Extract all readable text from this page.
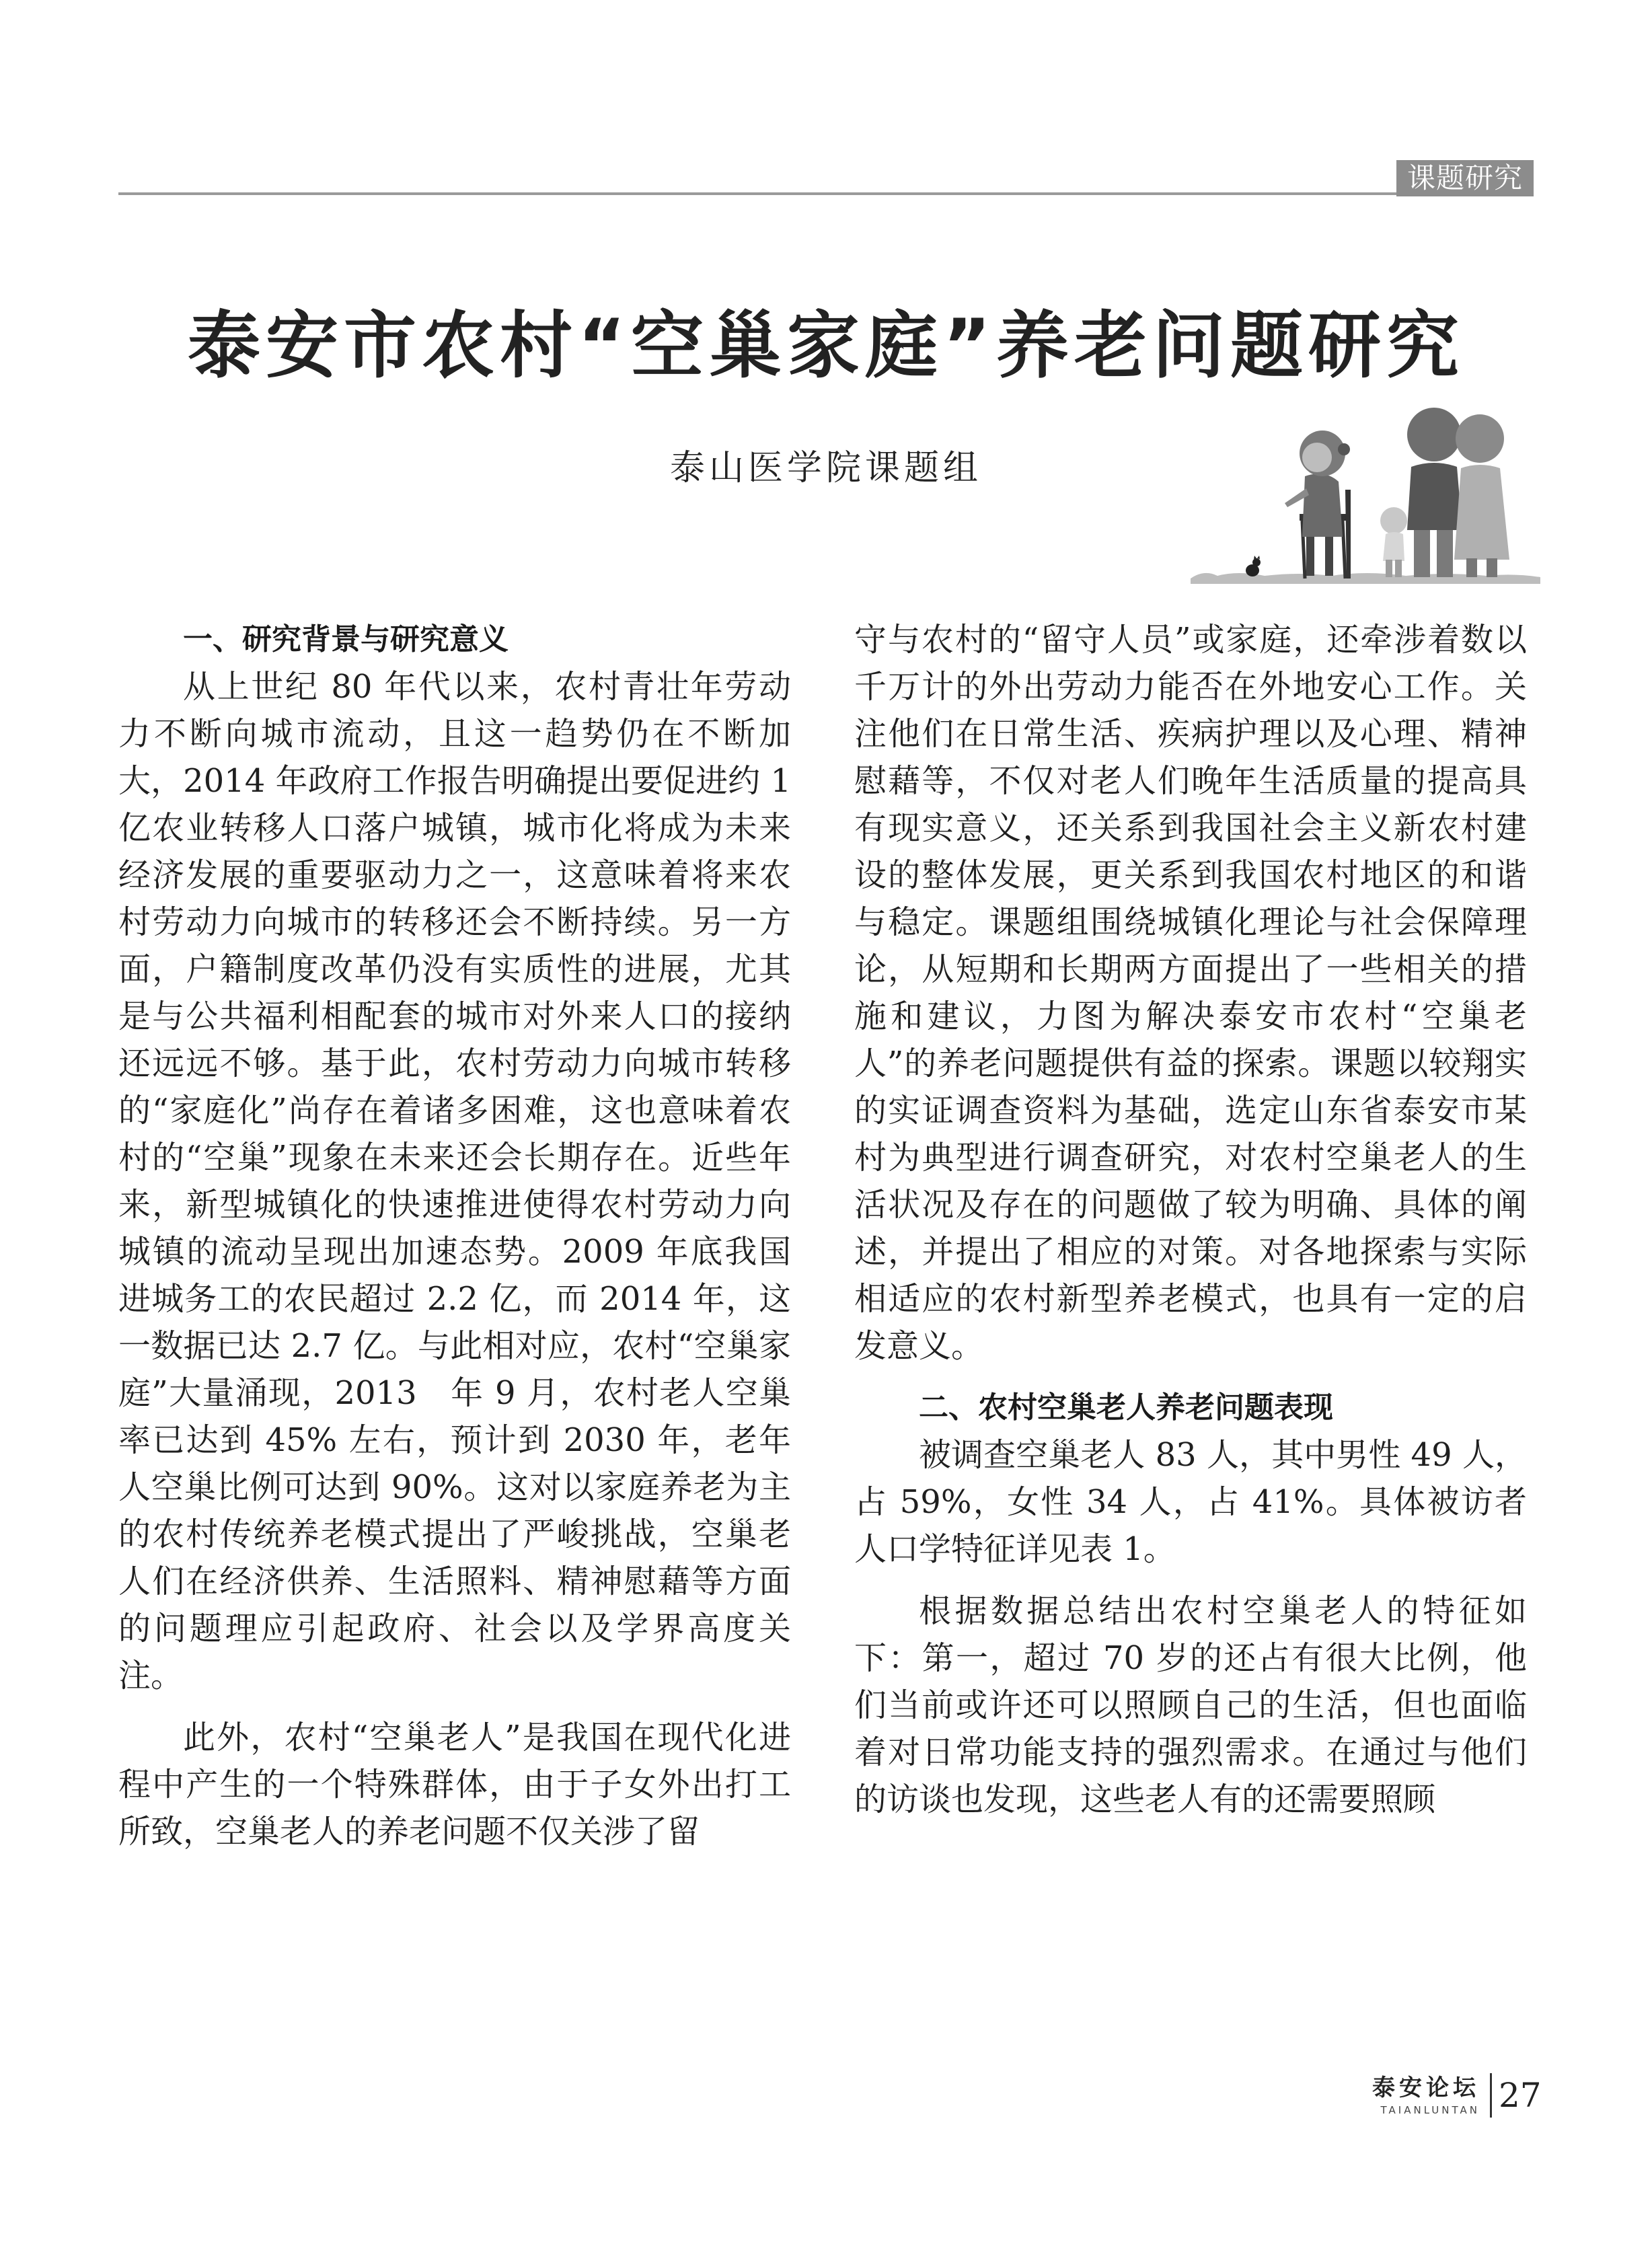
课题研究
泰安市农村“空巢家庭”养老问题研究
泰山医学院课题组
一、研究背景与研究意义

从上世纪 80 年代以来，农村青壮年劳动力不断向城市流动，且这一趋势仍在不断加大，2014 年政府工作报告明确提出要促进约 1 亿农业转移人口落户城镇，城市化将成为未来经济发展的重要驱动力之一，这意味着将来农村劳动力向城市的转移还会不断持续。另一方面，户籍制度改革仍没有实质性的进展，尤其是与公共福利相配套的城市对外来人口的接纳还远远不够。基于此，农村劳动力向城市转移的“家庭化”尚存在着诸多困难，这也意味着农村的“空巢”现象在未来还会长期存在。近些年来，新型城镇化的快速推进使得农村劳动力向城镇的流动呈现出加速态势。2009 年底我国进城务工的农民超过 2.2 亿，而 2014 年，这一数据已达 2.7 亿。与此相对应，农村“空巢家庭”大量涌现，2013　年 9 月，农村老人空巢率已达到 45% 左右，预计到 2030 年，老年人空巢比例可达到 90%。这对以家庭养老为主的农村传统养老模式提出了严峻挑战，空巢老人们在经济供养、生活照料、精神慰藉等方面的问题理应引起政府、社会以及学界高度关注。

此外，农村“空巢老人”是我国在现代化进程中产生的一个特殊群体，由于子女外出打工所致，空巢老人的养老问题不仅关涉了留

守与农村的“留守人员”或家庭，还牵涉着数以千万计的外出劳动力能否在外地安心工作。关注他们在日常生活、疾病护理以及心理、精神慰藉等，不仅对老人们晚年生活质量的提高具有现实意义，还关系到我国社会主义新农村建设的整体发展，更关系到我国农村地区的和谐与稳定。课题组围绕城镇化理论与社会保障理论，从短期和长期两方面提出了一些相关的措施和建议，力图为解决泰安市农村“空巢老人”的养老问题提供有益的探索。课题以较翔实的实证调查资料为基础，选定山东省泰安市某村为典型进行调查研究，对农村空巢老人的生活状况及存在的问题做了较为明确、具体的阐述，并提出了相应的对策。对各地探索与实际相适应的农村新型养老模式，也具有一定的启发意义。

二、农村空巢老人养老问题表现

被调查空巢老人 83 人，其中男性 49 人，占 59%，女性 34 人，占 41%。具体被访者人口学特征详见表 1。

根据数据总结出农村空巢老人的特征如下：第一，超过 70 岁的还占有很大比例，他们当前或许还可以照顾自己的生活，但也面临着对日常功能支持的强烈需求。在通过与他们的访谈也发现，这些老人有的还需要照顾

泰安论坛
TAIANLUNTAN 27
